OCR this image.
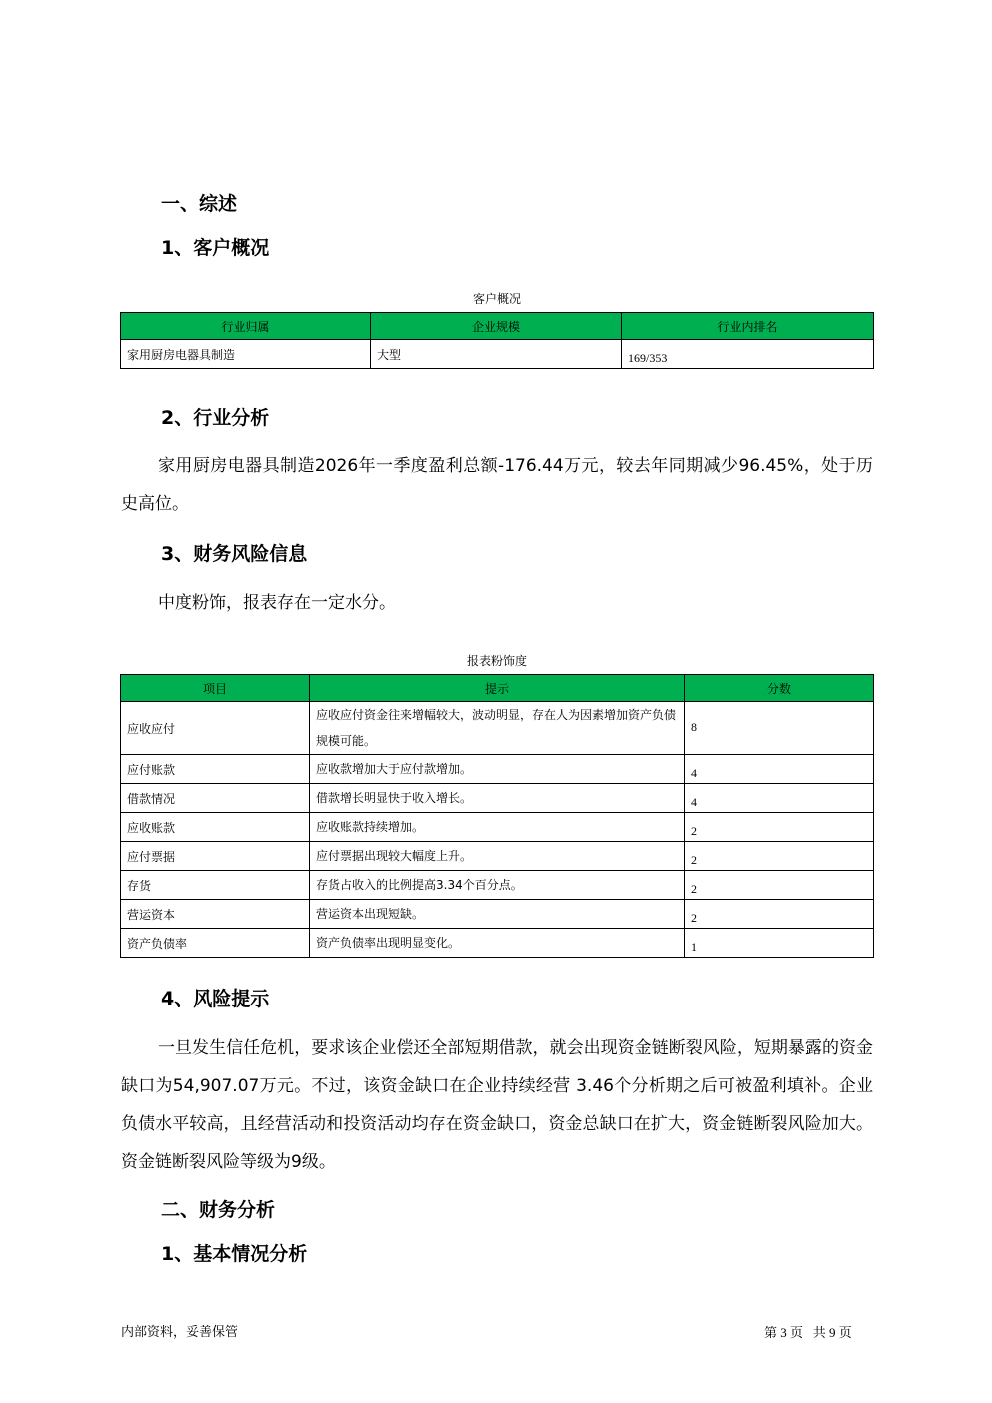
一、综述
1、客户概况
客户概况
行业归属	企业规模	行业内排名
家用厨房电器具制造	大型	169/353
2、行业分析

家用厨房电器具制造2026年一季度盈利总额-176.44万元，较去年同期减少96.45%，处于历史高位。

3、财务风险信息

中度粉饰，报表存在一定水分。

报表粉饰度
项目	提示	分数
应收应付	应收应付资金往来增幅较大，波动明显，存在人为因素增加资产负债规模可能。	8
应付账款	应收款增加大于应付款增加。	4
借款情况	借款增长明显快于收入增长。	4
应收账款	应收账款持续增加。	2
应付票据	应付票据出现较大幅度上升。	2
存货	存货占收入的比例提高3.34个百分点。	2
营运资本	营运资本出现短缺。	2
资产负债率	资产负债率出现明显变化。	1
4、风险提示

一旦发生信任危机，要求该企业偿还全部短期借款，就会出现资金链断裂风险，短期暴露的资金缺口为54,907.07万元。不过，该资金缺口在企业持续经营 3.46个分析期之后可被盈利填补。企业负债水平较高，且经营活动和投资活动均存在资金缺口，资金总缺口在扩大，资金链断裂风险加大。资金链断裂风险等级为9级。

二、财务分析
1、基本情况分析
内部资料，妥善保管	第 3 页   共 9 页
